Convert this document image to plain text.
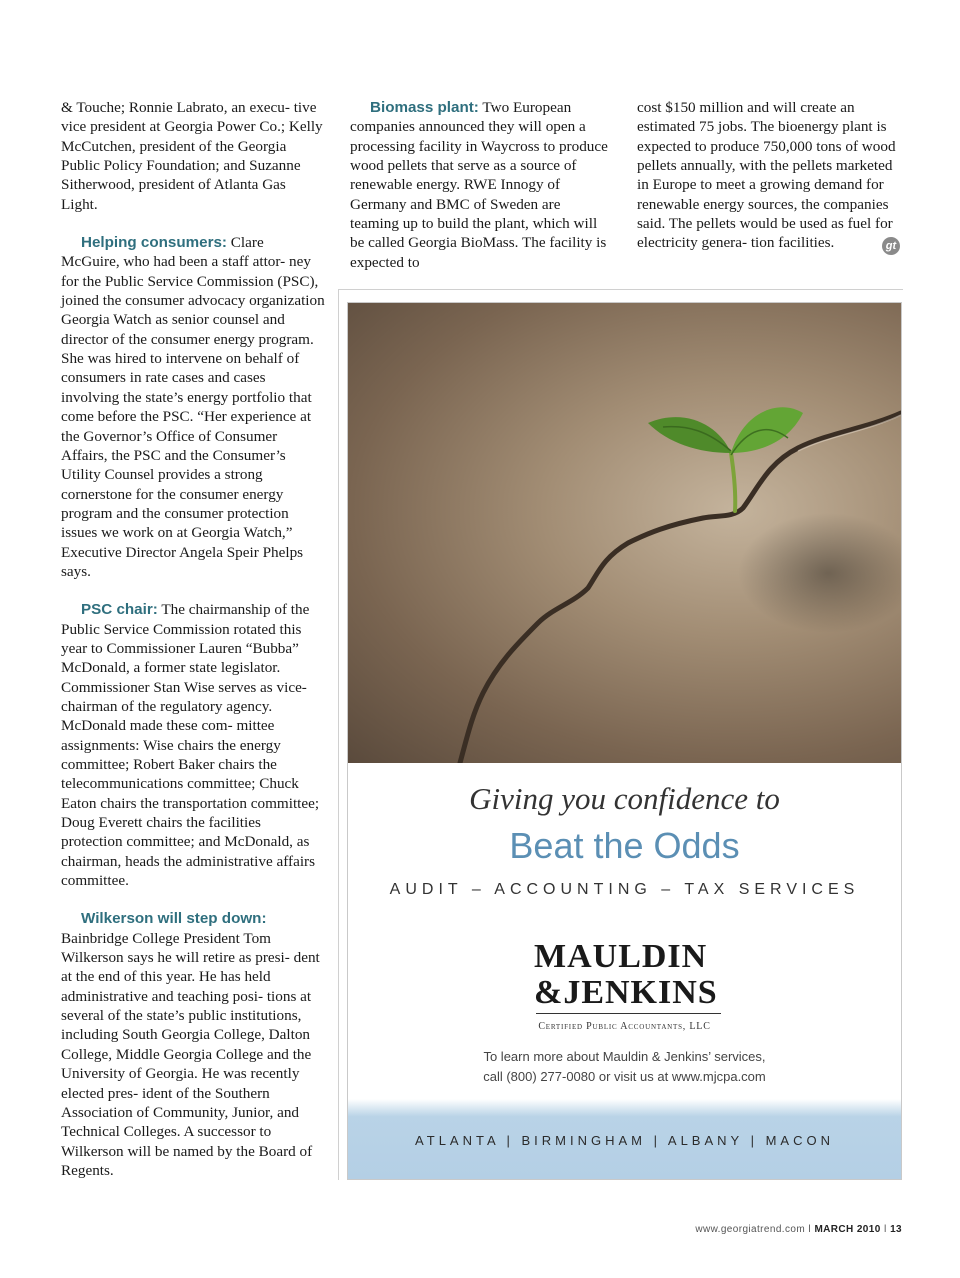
& Touche; Ronnie Labrato, an execu- tive vice president at Georgia Power Co.; Kelly McCutchen, president of the Georgia Public Policy Foundation; and Suzanne Sitherwood, president of Atlanta Gas Light.

Helping consumers: Clare McGuire, who had been a staff attor- ney for the Public Service Commission (PSC), joined the consumer advocacy organization Georgia Watch as senior counsel and director of the consumer energy program. She was hired to intervene on behalf of consumers in rate cases and cases involving the state’s energy portfolio that come before the PSC. “Her experience at the Governor’s Office of Consumer Affairs, the PSC and the Consumer’s Utility Counsel provides a strong cornerstone for the consumer energy program and the consumer protection issues we work on at Georgia Watch,” Executive Director Angela Speir Phelps says.

PSC chair: The chairmanship of the Public Service Commission rotated this year to Commissioner Lauren “Bubba” McDonald, a former state legislator. Commissioner Stan Wise serves as vice-chairman of the regulatory agency. McDonald made these com- mittee assignments: Wise chairs the energy committee; Robert Baker chairs the telecommunications committee; Chuck Eaton chairs the transportation committee; Doug Everett chairs the facilities protection committee; and McDonald, as chairman, heads the administrative affairs committee.

Wilkerson will step down: Bainbridge College President Tom Wilkerson says he will retire as presi- dent at the end of this year. He has held administrative and teaching posi- tions at several of the state’s public institutions, including South Georgia College, Dalton College, Middle Georgia College and the University of Georgia. He was recently elected pres- ident of the Southern Association of Community, Junior, and Technical Colleges. A successor to Wilkerson will be named by the Board of Regents.

Biomass plant: Two European companies announced they will open a processing facility in Waycross to produce wood pellets that serve as a source of renewable energy. RWE Innogy of Germany and BMC of Sweden are teaming up to build the plant, which will be called Georgia BioMass. The facility is expected to

cost $150 million and will create an estimated 75 jobs. The bioenergy plant is expected to produce 750,000 tons of wood pellets annually, with the pellets marketed in Europe to meet a growing demand for renewable energy sources, the companies said. The pellets would be used as fuel for electricity genera- tion facilities.	gt

Giving you confidence to
Beat the Odds
AUDIT – ACCOUNTING – TAX SERVICES
MAULDIN
&JENKINS
Certified Public Accountants, LLC
To learn more about Mauldin & Jenkins’ services,
call (800) 277-0080 or visit us at www.mjcpa.com
ATLANTA | BIRMINGHAM | ALBANY | MACON
www.georgiatrend.com ǀ MARCH 2010 ǀ 13
